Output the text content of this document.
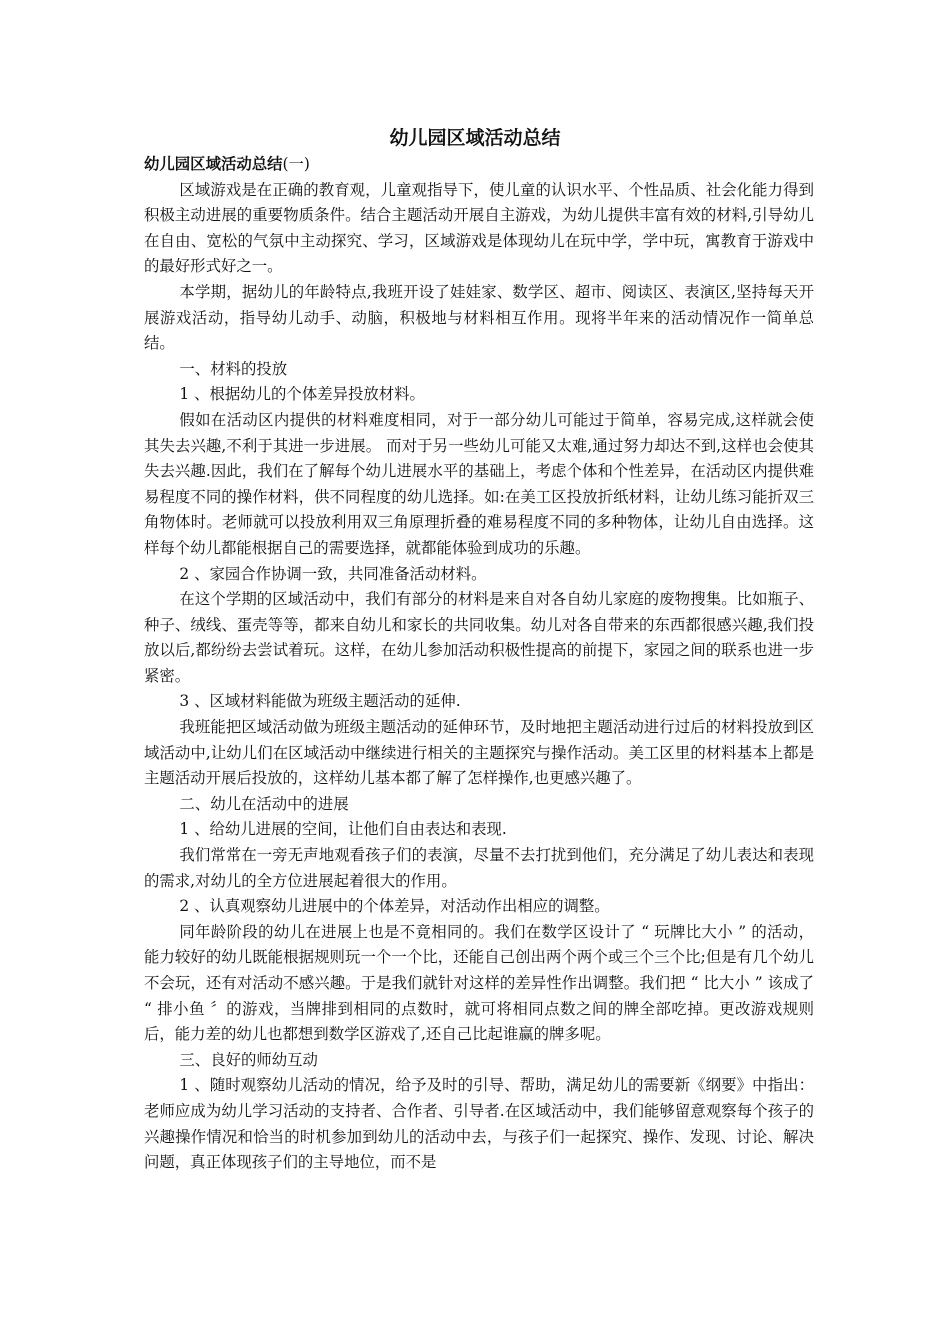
幼儿园区域活动总结

幼儿园区域活动总结(一)

区域游戏是在正确的教育观，儿童观指导下，使儿童的认识水平、个性品质、社会化能力得到积极主动进展的重要物质条件。结合主题活动开展自主游戏，为幼儿提供丰富有效的材料,引导幼儿在自由、宽松的气氛中主动探究、学习，区域游戏是体现幼儿在玩中学，学中玩，寓教育于游戏中的最好形式好之一。

本学期，据幼儿的年龄特点,我班开设了娃娃家、数学区、超市、阅读区、表演区,坚持每天开展游戏活动，指导幼儿动手、动脑，积极地与材料相互作用。现将半年来的活动情况作一简单总结。

一、材料的投放

1 、根据幼儿的个体差异投放材料。

假如在活动区内提供的材料难度相同，对于一部分幼儿可能过于简单，容易完成,这样就会使其失去兴趣,不利于其进一步进展。 而对于另一些幼儿可能又太难,通过努力却达不到,这样也会使其失去兴趣.因此，我们在了解每个幼儿进展水平的基础上，考虑个体和个性差异，在活动区内提供难易程度不同的操作材料，供不同程度的幼儿选择。如:在美工区投放折纸材料，让幼儿练习能折双三角物体时。老师就可以投放利用双三角原理折叠的难易程度不同的多种物体，让幼儿自由选择。这样每个幼儿都能根据自己的需要选择，就都能体验到成功的乐趣。

2 、家园合作协调一致，共同准备活动材料。

在这个学期的区域活动中，我们有部分的材料是来自对各自幼儿家庭的废物搜集。比如瓶子、种子、绒线、蛋壳等等，都来自幼儿和家长的共同收集。幼儿对各自带来的东西都很感兴趣,我们投放以后,都纷纷去尝试着玩。这样，在幼儿参加活动积极性提高的前提下，家园之间的联系也进一步紧密。

3 、区域材料能做为班级主题活动的延伸.

我班能把区域活动做为班级主题活动的延伸环节，及时地把主题活动进行过后的材料投放到区域活动中,让幼儿们在区域活动中继续进行相关的主题探究与操作活动。美工区里的材料基本上都是主题活动开展后投放的，这样幼儿基本都了解了怎样操作,也更感兴趣了。

二、幼儿在活动中的进展

1 、给幼儿进展的空间，让他们自由表达和表现.

我们常常在一旁无声地观看孩子们的表演，尽量不去打扰到他们，充分满足了幼儿表达和表现的需求,对幼儿的全方位进展起着很大的作用。

2 、认真观察幼儿进展中的个体差异，对活动作出相应的调整。

同年龄阶段的幼儿在进展上也是不竟相同的。我们在数学区设计了 “ 玩牌比大小 ” 的活动，能力较好的幼儿既能根据规则玩一个一个比，还能自己创出两个两个或三个三个比;但是有几个幼儿不会玩，还有对活动不感兴趣。于是我们就针对这样的差异性作出调整。我们把 “ 比大小 ” 该成了 “ 排小鱼 〞的游戏，当牌排到相同的点数时，就可将相同点数之间的牌全部吃掉。更改游戏规则后，能力差的幼儿也都想到数学区游戏了,还自己比起谁赢的牌多呢。

三、良好的师幼互动

1 、随时观察幼儿活动的情况，给予及时的引导、帮助，满足幼儿的需要新《纲要》中指出：老师应成为幼儿学习活动的支持者、合作者、引导者.在区域活动中，我们能够留意观察每个孩子的兴趣操作情况和恰当的时机参加到幼儿的活动中去，与孩子们一起探究、操作、发现、讨论、解决问题，真正体现孩子们的主导地位，而不是
